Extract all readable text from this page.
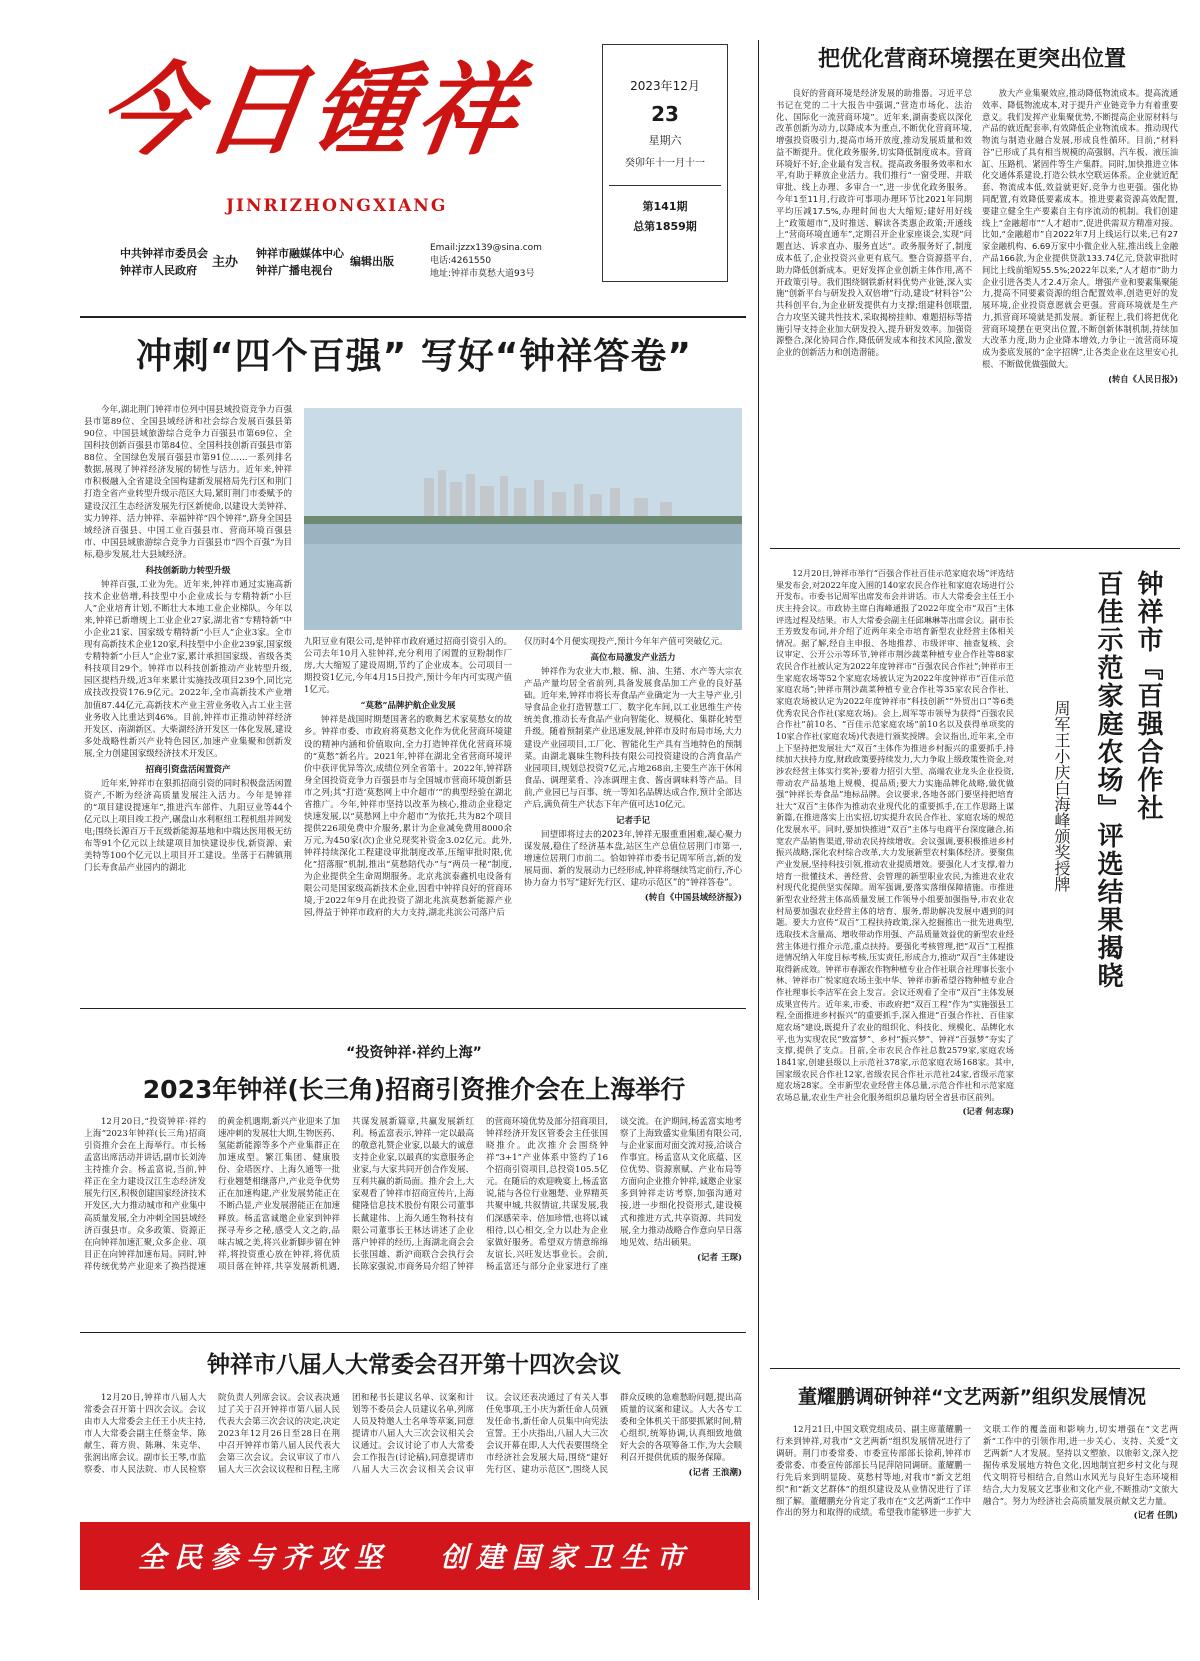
今日锺祥
JINRIZHONGXIANG
中共钟祥市委员会
钟祥市人民政府
主办
钟祥市融媒体中心
钟祥广播电视台
编辑出版
Email:jzzx139@sina.com
电话:4261550
地址:钟祥市莫愁大道93号
2023年12月
23
星期六
癸卯年十一月十一
第141期
总第1859期
把优化营商环境摆在更突出位置

良好的营商环境是经济发展的助推器。习近平总书记在党的二十大报告中强调,“营造市场化、法治化、国际化一流营商环境”。近年来,湖南娄底以深化改革创新为动力,以降成本为重点,不断优化营商环境,增强投资吸引力,提高市场开放度,推动发展质量和效益不断提升。优化政务服务,切实降低制度成本。营商环境好不好,企业最有发言权。提高政务服务效率和水平,有助于释放企业活力。我们推行“一窗受理、并联审批、线上办理、多审合一”,进一步优化政务服务。今年1至11月,行政许可事项办理环节比2021年同期平均压减17.5%,办理时间也大大缩短;建好用好线上“政策超市”,及时推送、解读各类惠企政策;开通线上“营商环境直通车”,定期召开企业家座谈会,实现“问题直达、诉求直办、服务直达”。政务服务好了,制度成本低了,企业投资兴业更有底气。整合资源搭平台,助力降低创新成本。更好发挥企业创新主体作用,离不开政策引导。我们围绕钢铁新材料优势产业链,深入实施“创新平台与研发投入双倍增”行动,建设“材料谷”公共科创平台,为企业研发提供有力支撑;组建科创联盟,合力攻坚关键共性技术,采取揭榜挂帅、难题招标等措施引导支持企业加大研发投入,提升研发效率。加强资源整合,深化协同合作,降低研发成本和技术风险,激发企业的创新活力和创造潜能。

放大产业集聚效应,推动降低物流成本。提高流通效率、降低物流成本,对于提升产业链竞争力有着重要意义。我们发挥产业集聚优势,不断提高企业原材料与产品的就近配套率,有效降低企业物流成本。推动现代物流与制造业融合发展,形成良性循环。目前,“材料谷”已形成了具有相当规模的高强钢、汽车板、液压油缸、压路机、紧固件等生产集群。同时,加快推进立体化交通体系建设,打造公铁水空联运体系。企业就近配套、物流成本低,效益就更好,竞争力也更强。强化协同配置,有效降低要素成本。推进要素资源高效配置,要建立健全生产要素自主有序流动的机制。我们创建线上“金融超市”“人才超市”,促进供需双方精准对接。比如,“金融超市”自2022年7月上线运行以来,已有27家金融机构、6.69万家中小微企业入驻,推出线上金融产品166款,为企业提供贷款133.74亿元,贷款审批时间比上线前缩短55.5%;2022年以来,“人才超市”助力企业引进各类人才2.4万余人。增强产业和要素集聚能力,提高不同要素资源的组合配置效率,创造更好的发展环境,企业投资意愿就会更强。营商环境就是生产力,抓营商环境就是抓发展。新征程上,我们将把优化营商环境摆在更突出位置,不断创新体制机制,持续加大改革力度,助力企业降本增效,力争让一流营商环境成为娄底发展的“金字招牌”,让各类企业在这里安心扎根、不断做优做强做大。

(转自《人民日报》)
冲刺“四个百强” 写好“钟祥答卷”

今年,湖北荆门钟祥市位列中国县域投资竞争力百强县市第89位、全国县域经济和社会综合发展百强县第90位、中国县域旅游综合竞争力百强县市第69位、全国科技创新百强县市第84位、全国科技创新百强县市第88位、全国绿色发展百强县市第91位……一系列排名数据,展现了钟祥经济发展的韧性与活力。近年来,钟祥市积极融入全省建设全国构建新发展格局先行区和荆门打造全省产业转型升级示范区大局,紧盯荆门市委赋予的建设汉江生态经济发展先行区新使命,以建设大美钟祥、实力钟祥、活力钟祥、幸福钟祥“四个钟祥”,跻身全国县域经济百强县、中国工业百强县市、营商环境百强县市、中国县域旅游综合竞争力百强县市“四个百强”为目标,稳步发展,壮大县域经济。

科技创新助力转型升级

钟祥百强,工业为先。近年来,钟祥市通过实施高新技术企业倍增,科技型中小企业成长与专精特新“小巨人”企业培育计划,不断壮大本地工业企业梯队。今年以来,钟祥已新增规上工业企业27家,湖北省“专精特新”中小企业21家、国家级专精特新“小巨人”企业3家。全市现有高新技术企业120家,科技型中小企业239家,国家级专精特新“小巨人”企业7家,累计承担国家级、省级各类科技项目29个。钟祥市以科技创新推动产业转型升级,园区提档升级,近3年来累计实施技改项目239个,同比完成技改投资176.9亿元。2022年,全市高新技术产业增加值87.44亿元,高新技术产业主营业务收入占工业主营业务收入比重达到46%。目前,钟祥市正推动钟祥经济开发区、南湖新区、大柴湖经济开发区一体化发展,建设多处战略性新兴产业特色园区,加速产业集聚和创新发展,全力创建国家级经济技术开发区。

招商引资盘活闲置资产

近年来,钟祥市在狠抓招商引资的同时积极盘活闲置资产,不断为经济高质量发展注入活力。今年是钟祥的“项目建设提速年”,推进汽车部件、九阳豆业等44个亿元以上项目竣工投产,碾盘山水利枢纽工程机组并网发电;围绕长源百万千瓦级新能源基地和中瑞达医用极无纺布等91个亿元以上续建项目加快建设步伐,新资源、索美特等100个亿元以上项目开工建设。坐落于石牌镇荆门长寿食品产业园内的湖北

九阳豆业有限公司,是钟祥市政府通过招商引资引入的。公司去年10月入驻钟祥,充分利用了闲置的豆粉制作厂房,大大缩短了建设周期,节约了企业成本。公司项目一期投资1亿元,今年4月15日投产,预计今年内可实现产值1亿元。

“莫愁”品牌护航企业发展

钟祥是战国时期楚国著名的歌舞艺术家莫愁女的故乡。钟祥市委、市政府将莫愁文化作为优化营商环境建设的精神内涵和价值取向,全力打造钟祥优化营商环境的“莫愁”新名片。2021年,钟祥在湖北全省营商环境评价中获评优异等次,成绩位列全省第十。2022年,钟祥跻身全国投资竞争力百强县市与全国城市营商环境创新县市之列;其“打造‘莫愁网上中介超市’”的典型经验在湖北省推广。今年,钟祥市坚持以改革为核心,推动企业稳定快速发展,以“莫愁网上中介超市”为依托,共为82个项目提供226项免费中介服务,累计为企业减免费用8000余万元,为450家(次)企业兑现奖补资金3.02亿元。此外,钟祥持续深化工程建设审批制度改革,压缩审批时限,优化“招落服”机制,推出“莫愁陪代办”与“两员一秘”制度,为企业提供全生命周期服务。北京兆滨泰鑫机电设备有限公司是国家级高新技术企业,因看中钟祥良好的营商环境,于2022年9月在此投资了湖北兆滨莫愁新能源产业园,得益于钟祥市政府的大力支持,湖北兆滨公司落户后

仅历时4个月便实现投产,预计今年年产值可突破亿元。

高位布局激发产业活力

钟祥作为农业大市,粮、棉、油、生猪、水产等大宗农产品产量均居全省前列,具备发展食品加工产业的良好基础。近年来,钟祥市将长寿食品产业确定为一大主导产业,引导食品企业打造智慧工厂、数字化车间,以工业思维生产传统美食,推动长寿食品产业向智能化、规模化、集群化转型升级。随着预制菜产业迅速发展,钟祥市及时布局市场,大力建设产业园项目,工厂化、智能化生产具有当地特色的预制菜。由湖北襄味生物科技有限公司投资建设的合湾食品产业园项目,规划总投资7亿元,占地268亩,主要生产冻干休闲食品、调理菜肴、冷冻调理主食、酱卤调味料等产品。目前,产业园已与百事、统一等知名品牌达成合作,预计全部达产后,满负荷生产状态下年产值可达10亿元。

记者手记

回望即将过去的2023年,钟祥无服重重困难,凝心聚力谋发展,稳住了经济基本盘,站区生产总值位居荆门市第一,增速位居荆门市前二。恰如钟祥市委书记周军所言,新的发展局面、新的发展动力已经形成,钟祥将继续笃定前行,齐心协力奋力书写“建好先行区、建功示范区”的“钟祥答卷”。

(转自《中国县域经济报》)

12月20日,钟祥市举行“百强合作社百佳示范家庭农场”评选结果发布会,对2022年度入围的140家农民合作社和家庭农场进行公开发布。市委书记周军出席发布会并讲话。市人大常委会主任王小庆主持会议。市政协主席白海峰通报了2022年度全市“双百”主体评选过程及结果。市人大常委会副主任邱琳琳等出席会议。副市长王芳致发布词,并介绍了近两年来全市培育新型农业经营主体相关情况。据了解,经自主申报、各地推荐、市级评审、抽查复核、会议审定、公开公示等环节,钟祥市荆沙蔬菜种植专业合作社等88家农民合作社被认定为2022年度钟祥市“百强农民合作社”;钟祥市王生家庭农场等52个家庭农场被认定为2022年度钟祥市“百佳示范家庭农场”;钟祥市荆沙蔬菜种植专业合作社等35家农民合作社、家庭农场被认定为2022年度钟祥市“科技创新”“外贸出口”等6类优秀农民合作社(家庭农场)。会上,周军等市领导为获得“百强农民合作社”前10名、“百佳示范家庭农场”前10名以及获得单项奖的10家合作社(家庭农场)代表进行颁奖授牌。会议指出,近年来,全市上下坚持把发展壮大“双百”主体作为推进乡村振兴的重要抓手,持续加大扶持力度,财政政策要持续发力,大力争取上级政策性资金,对涉农经营主体实行奖补;要着力招引大型、高端农业龙头企业投资,带动农产品基地上规模、提品质;要大力实施品牌化战略,做优做强“钟祥长寿食品”地标品牌。会议要求,各地各部门要坚持把培育壮大“双百”主体作为推动农业现代化的重要抓手,在工作思路上谋新篇,在推进落实上出实招,切实提升农民合作社、家庭农场的规范化发展水平。同时,要加快推进“双百”主体与电商平台深度融合,拓宽农产品销售渠道,带动农民持续增收。会议强调,要积极推进乡村振兴战略,深化农村综合改革,大力发展新型农村集体经济。要聚焦产业发展,坚持科技引领,推动农业提质增效。要强化人才支撑,着力培育一批懂技术、善经营、会管理的新型职业农民,为推进农业农村现代化提供坚实保障。周军强调,要落实落细保障措施。市推进新型农业经营主体高质量发展工作领导小组要加强指导,市农业农村局要加强农业经营主体的培育、服务,帮助解决发展中遇到的问题。要大力宣传“双百”工程扶持政策,深入挖掘推出一批先进典型,选取技术含量高、增收带动作用强、产品质量效益优的新型农业经营主体进行推介示范,重点扶持。要强化考核管理,把“双百”工程推进情况纳入年度目标考核,压实责任,形成合力,推动“双百”主体建设取得新成效。钟祥市春源农作物种植专业合作社联合社理事长张小林、钟祥市广悦家庭农场主张中华、钟祥市新希望谷物种植专业合作社理事长李洁军在会上发言。会议还观看了全市“双百”主体发展成果宣传片。近年来,市委、市政府把“双百工程”作为“实施强县工程,全面推进乡村振兴”的重要抓手,深入推进“百强合作社、百佳家庭农场”建设,既提升了农业的组织化、科技化、规模化、品牌化水平,也为实现农民“致富梦”、乡村“振兴梦”、钟祥“百强梦”夯实了支撑,提供了支点。目前,全市农民合作社总数2579家,家庭农场1841家,创建县级以上示范社378家,示范家庭农场168家。其中,国家级农民合作社12家,省级农民合作社示范社24家,省级示范家庭农场28家。全市新型农业经营主体总量,示范合作社和示范家庭农场总量,农业生产社会化服务组织总量均居全省县市区前列。

(记者 何志琛)
钟祥市『百强合作社
百佳示范家庭农场』评选结果揭晓
周军王小庆白海峰颁奖授牌
“投资钟祥·祥约上海”
2023年钟祥(长三角)招商引资推介会在上海举行

12月20日,“投资钟祥·祥约上海”2023年钟祥(长三角)招商引资推介会在上海举行。市长杨孟富出席活动并讲话,副市长刘涛主持推介会。杨孟富说,当前,钟祥正在全力建设汉江生态经济发展先行区,积极创建国家经济技术开发区,大力推动城市和产业集中高质量发展,全力冲刺全国县域经济百强县市。众多政策、资源正在向钟祥加速汇聚,众多企业、项目正在向钟祥加速布局。同时,钟祥传统优势产业迎来了换挡提速的黄金机遇期,新兴产业迎来了加速冲刺的发展壮大期,生物医药、氢能新能源等多个产业集群正在加速成型。繁江集团、健康股份、金塔医疗、上海久通等一批行业翘楚相继落户,产业竞争优势正在加速构建,产业发展势能正在不断凸显,产业发展潜能正在加速释放。杨孟富诚邀企业家到钟祥探寻寿乡之秘,感受人文之韵,品味古城之美,将兴业新脚步留在钟祥,将投资重心放在钟祥,将优质项目落在钟祥,共享发展新机遇,共谋发展新篇章,共赢发展新红利。杨孟富表示,钟祥一定以最高的敬意礼赞企业家,以最大的诚意支持企业家,以最真的实意服务企业家,与大家共同开创合作发展、互利共赢的新局面。推介会上,大家观看了钟祥市招商宣传片,上海健隆信息技术股份有限公司董事长戴建伟、上海久通生物科技有限公司董事长王林达讲述了企业落户钟祥的经历,上海湖北商会会长张国雄、新沪商联合会执行会长陈家强说,市商务局介绍了钟祥的营商环境优势及部分招商项目,钟祥经济开发区管委会主任张国晓推介。此次推介会围绕钟祥“3+1”产业体系中签约了16个招商引资项目,总投资105.5亿元。在随后的欢迎晚宴上,杨孟富说,能与各位行业翘楚、业界精英共聚申城,共叙情谊,共谋发展,我们深感荣幸、倍加珍惜,也将以诚相待,以心相交,全力以赴为企业家做好服务。希望双方情意绵绵友谊长,兴旺发达事业长。会前,杨孟富还与部分企业家进行了座谈交流。在沪期间,杨孟富实地考察了上海致盛实业集团有限公司,与企业家面对面交流对接,洽谈合作事宜。杨孟富从文化底蕴、区位优势、资源禀赋、产业布局等方面向企业推介钟祥,诚邀企业家多到钟祥走访考察,加强沟通对接,进一步细化投资形式,建设模式和推进方式,共享资源、共同发展,全力推动战略合作意向早日落地见效、结出硕果。

(记者 王琛)
钟祥市八届人大常委会召开第十四次会议

12月20日,钟祥市八届人大常委会召开第十四次会议。会议由市人大常委会主任王小庆主持,市人大常委会副主任蔡金华、陈献生、蒋方贵、陈琳、朱克华、张润出席会议。副市长王琴,市监察委、市人民法院、市人民检察院负责人列席会议。会议表决通过了关于召开钟祥市第八届人民代表大会第三次会议的决定,决定2023年12月26日至28日在荆中召开钟祥市第八届人民代表大会第三次会议。会议审议了市八届人大三次会议议程和日程,主席团和秘书长建议名单、议案和计划等不委员会人员建议名单,列席人员及特邀人士名单等草案,同意提请市八届人大三次会议相关会议通过。会议讨论了市人大常委会工作报告(讨论稿),同意提请市八届人大三次会议相关会议审议。会议还表决通过了有关人事任免事项,王小庆为新任命人员颁发任命书,新任命人员集中向宪法宣誓。王小庆指出,八届人大三次会议开幕在即,人大代表要围绕全市经济社会发展大局,围绕“建好先行区、建功示范区”,围绕人民群众反映的急难愁盼问题,提出高质量的议案和建议。人大各专工委和全体机关干部要抓紧时间,精心组织,统筹协调,认真细致地做好大会的各项筹备工作,为大会顺利召开提供优质的服务保障。

(记者 王浪潮)
董耀鹏调研钟祥“文艺两新”组织发展情况

12月21日,中国文联党组成员、副主席董耀鹏一行来到钟祥,对我市“文艺两新”组织发展情况进行了调研。荆门市委常委、市委宣传部部长徐莉,钟祥市委常委、市委宣传部部长马昆萍陪同调研。董耀鹏一行先后来到明显陵、莫愁村等地,对我市“新文艺组织”和“新文艺群体”的组织建设及从业情况进行了详细了解。董耀鹏充分肯定了我市在“文艺两新”工作中作出的努力和取得的成绩。希望我市能够进一步扩大文联工作的覆盖面和影响力,切实增强在“文艺两新”工作中的引领作用,进一步关心、支持、关爱“文艺两新”人才发展。坚持以文塑旅、以旅彰文,深入挖掘传承发展地方特色文化,因地制宜把乡村文化与现代文明符号相结合,自然山水风光与良好生态环境相结合,大力发展文艺事业和文化产业,不断推动“文旅大融合”。努力为经济社会高质量发展贡献文艺力量。

(记者 任凯)
全民参与齐攻坚 创建国家卫生市
